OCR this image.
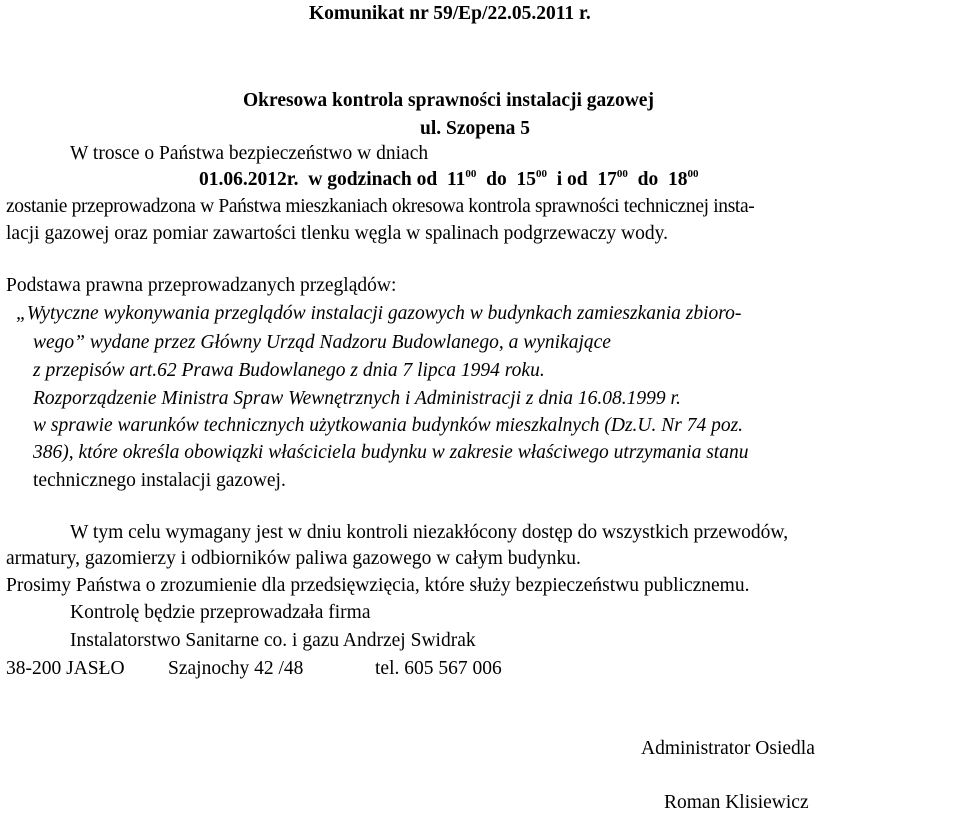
Komunikat nr 59/Ep/22.05.2011 r.
Okresowa kontrola sprawności instalacji gazowej
ul. Szopena 5
W trosce o Państwa bezpieczeństwo w dniach
01.06.2012r. w godzinach od $11^{00}$ do $15^{00}$ i od $17^{00}$ do $18^{00}$
zostanie przeprowadzona w Państwa mieszkaniach okresowa kontrola sprawności technicznej insta-
lacji gazowej oraz pomiar zawartości tlenku węgla w spalinach podgrzewaczy wody.
Podstawa prawna przeprowadzanych przeglądów:
„Wytyczne wykonywania przeglądów instalacji gazowych w budynkach zamieszkania zbioro-
wego” wydane przez Główny Urząd Nadzoru Budowlanego, a wynikające
z przepisów art.62 Prawa Budowlanego z dnia 7 lipca 1994 roku.
Rozporządzenie Ministra Spraw Wewnętrznych i Administracji z dnia 16.08.1999 r.
w sprawie warunków technicznych użytkowania budynków mieszkalnych (Dz.U. Nr 74 poz.
386), które określa obowiązki właściciela budynku w zakresie właściwego utrzymania stanu
technicznego instalacji gazowej.
W tym celu wymagany jest w dniu kontroli niezakłócony dostęp do wszystkich przewodów,
armatury, gazomierzy i odbiorników paliwa gazowego w całym budynku.
Prosimy Państwa o zrozumienie dla przedsięwzięcia, które służy bezpieczeństwu publicznemu.
Kontrolę będzie przeprowadzała firma
Instalatorstwo Sanitarne co. i gazu Andrzej Swidrak
38-200 JASŁO Szajnochy 42 /48	tel. 605 567 006
Administrator Osiedla
Roman Klisiewicz
